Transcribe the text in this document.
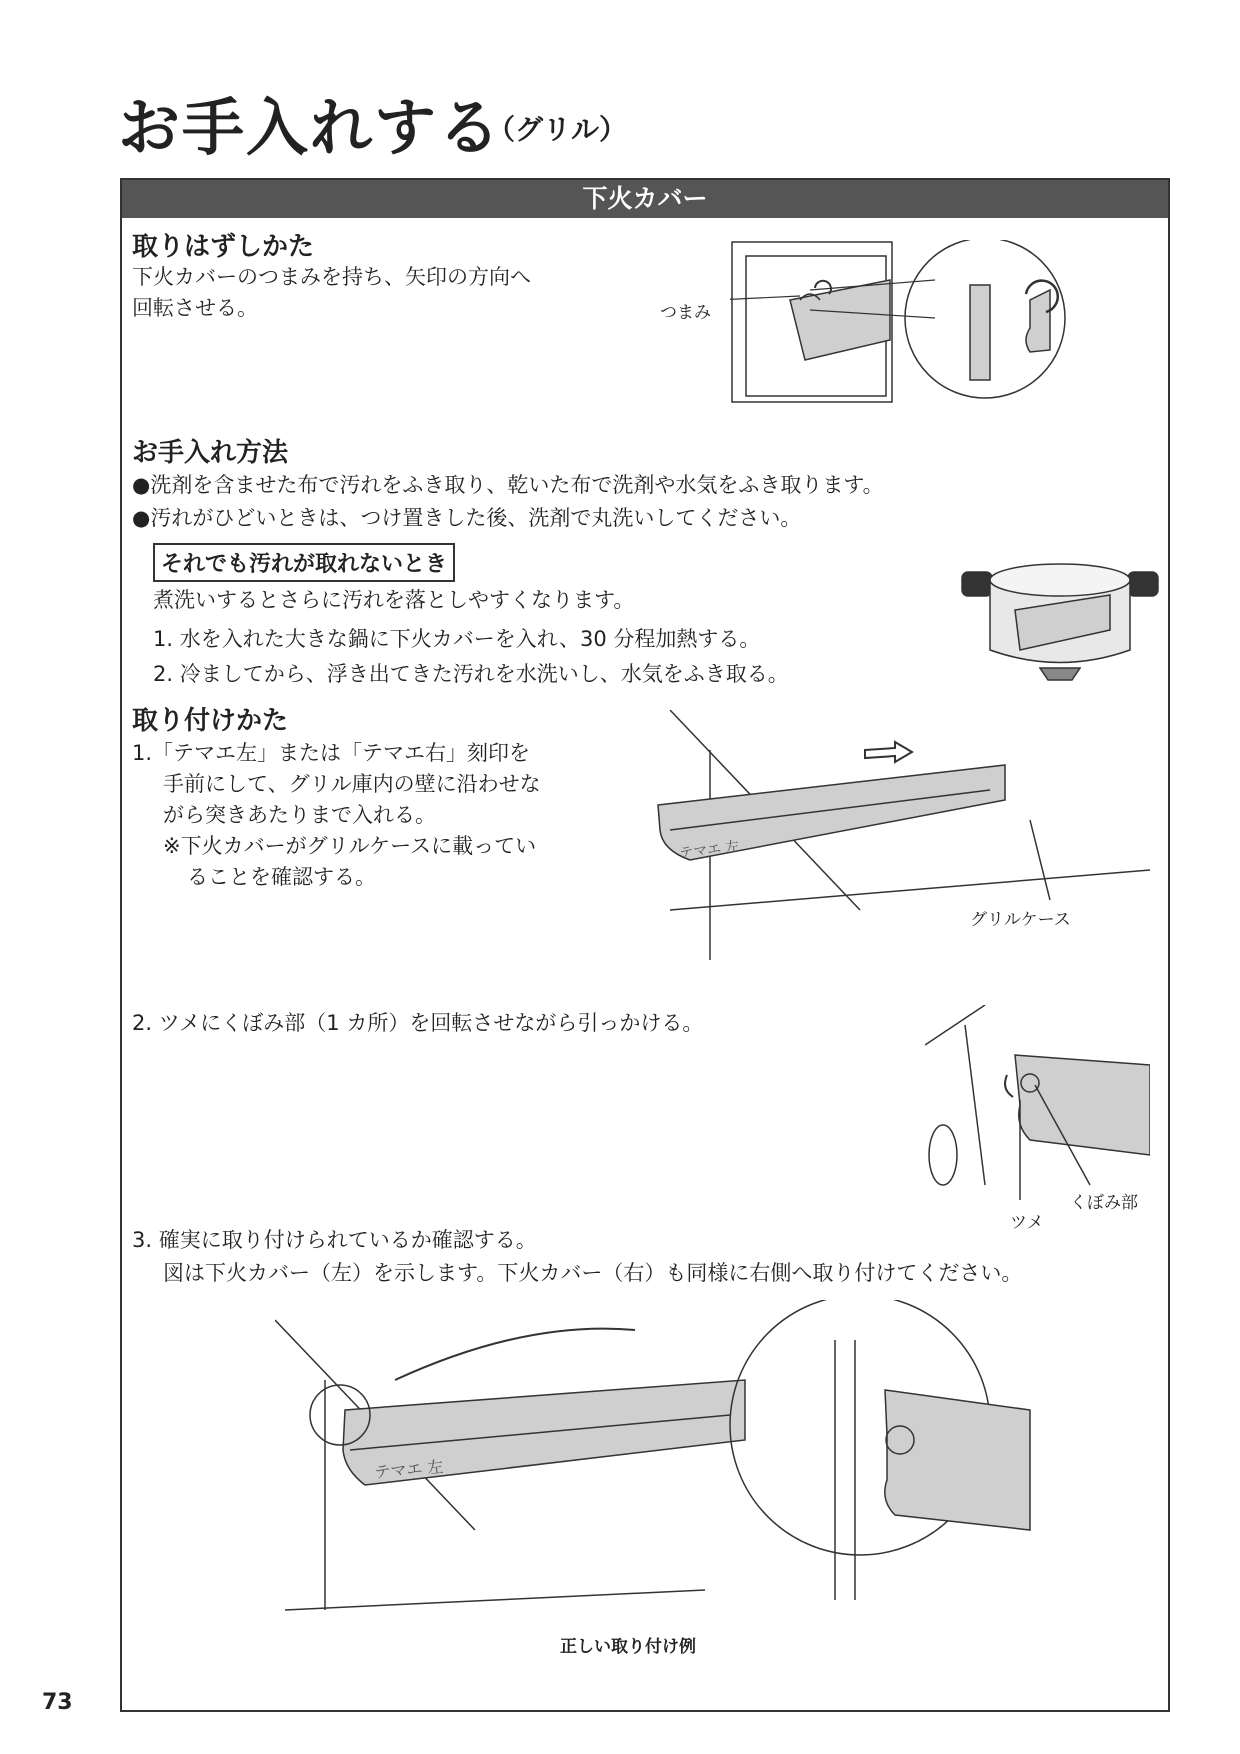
お手入れする
（グリル）
下火カバー
取りはずしかた
下火カバーのつまみを持ち、矢印の方向へ
回転させる。	つまみ
お手入れ方法
●洗剤を含ませた布で汚れをふき取り、乾いた布で洗剤や水気をふき取ります。
●汚れがひどいときは、つけ置きした後、洗剤で丸洗いしてください。
それでも汚れが取れないとき
煮洗いするとさらに汚れを落としやすくなります。
1. 水を入れた大きな鍋に下火カバーを入れ、30 分程加熱する。
2. 冷ましてから、浮き出てきた汚れを水洗いし、水気をふき取る。
取り付けかた
1.「テマエ左」または「テマエ右」刻印を
手前にして、グリル庫内の壁に沿わせな
がら突きあたりまで入れる。
※下火カバーがグリルケースに載ってい
ることを確認する。
テマエ 左
グリルケース
2. ツメにくぼみ部（1 カ所）を回転させながら引っかける。
くぼみ部
ツメ
3. 確実に取り付けられているか確認する。
図は下火カバー（左）を示します。下火カバー（右）も同様に右側へ取り付けてください。
テマエ 左
正しい取り付け例
73
